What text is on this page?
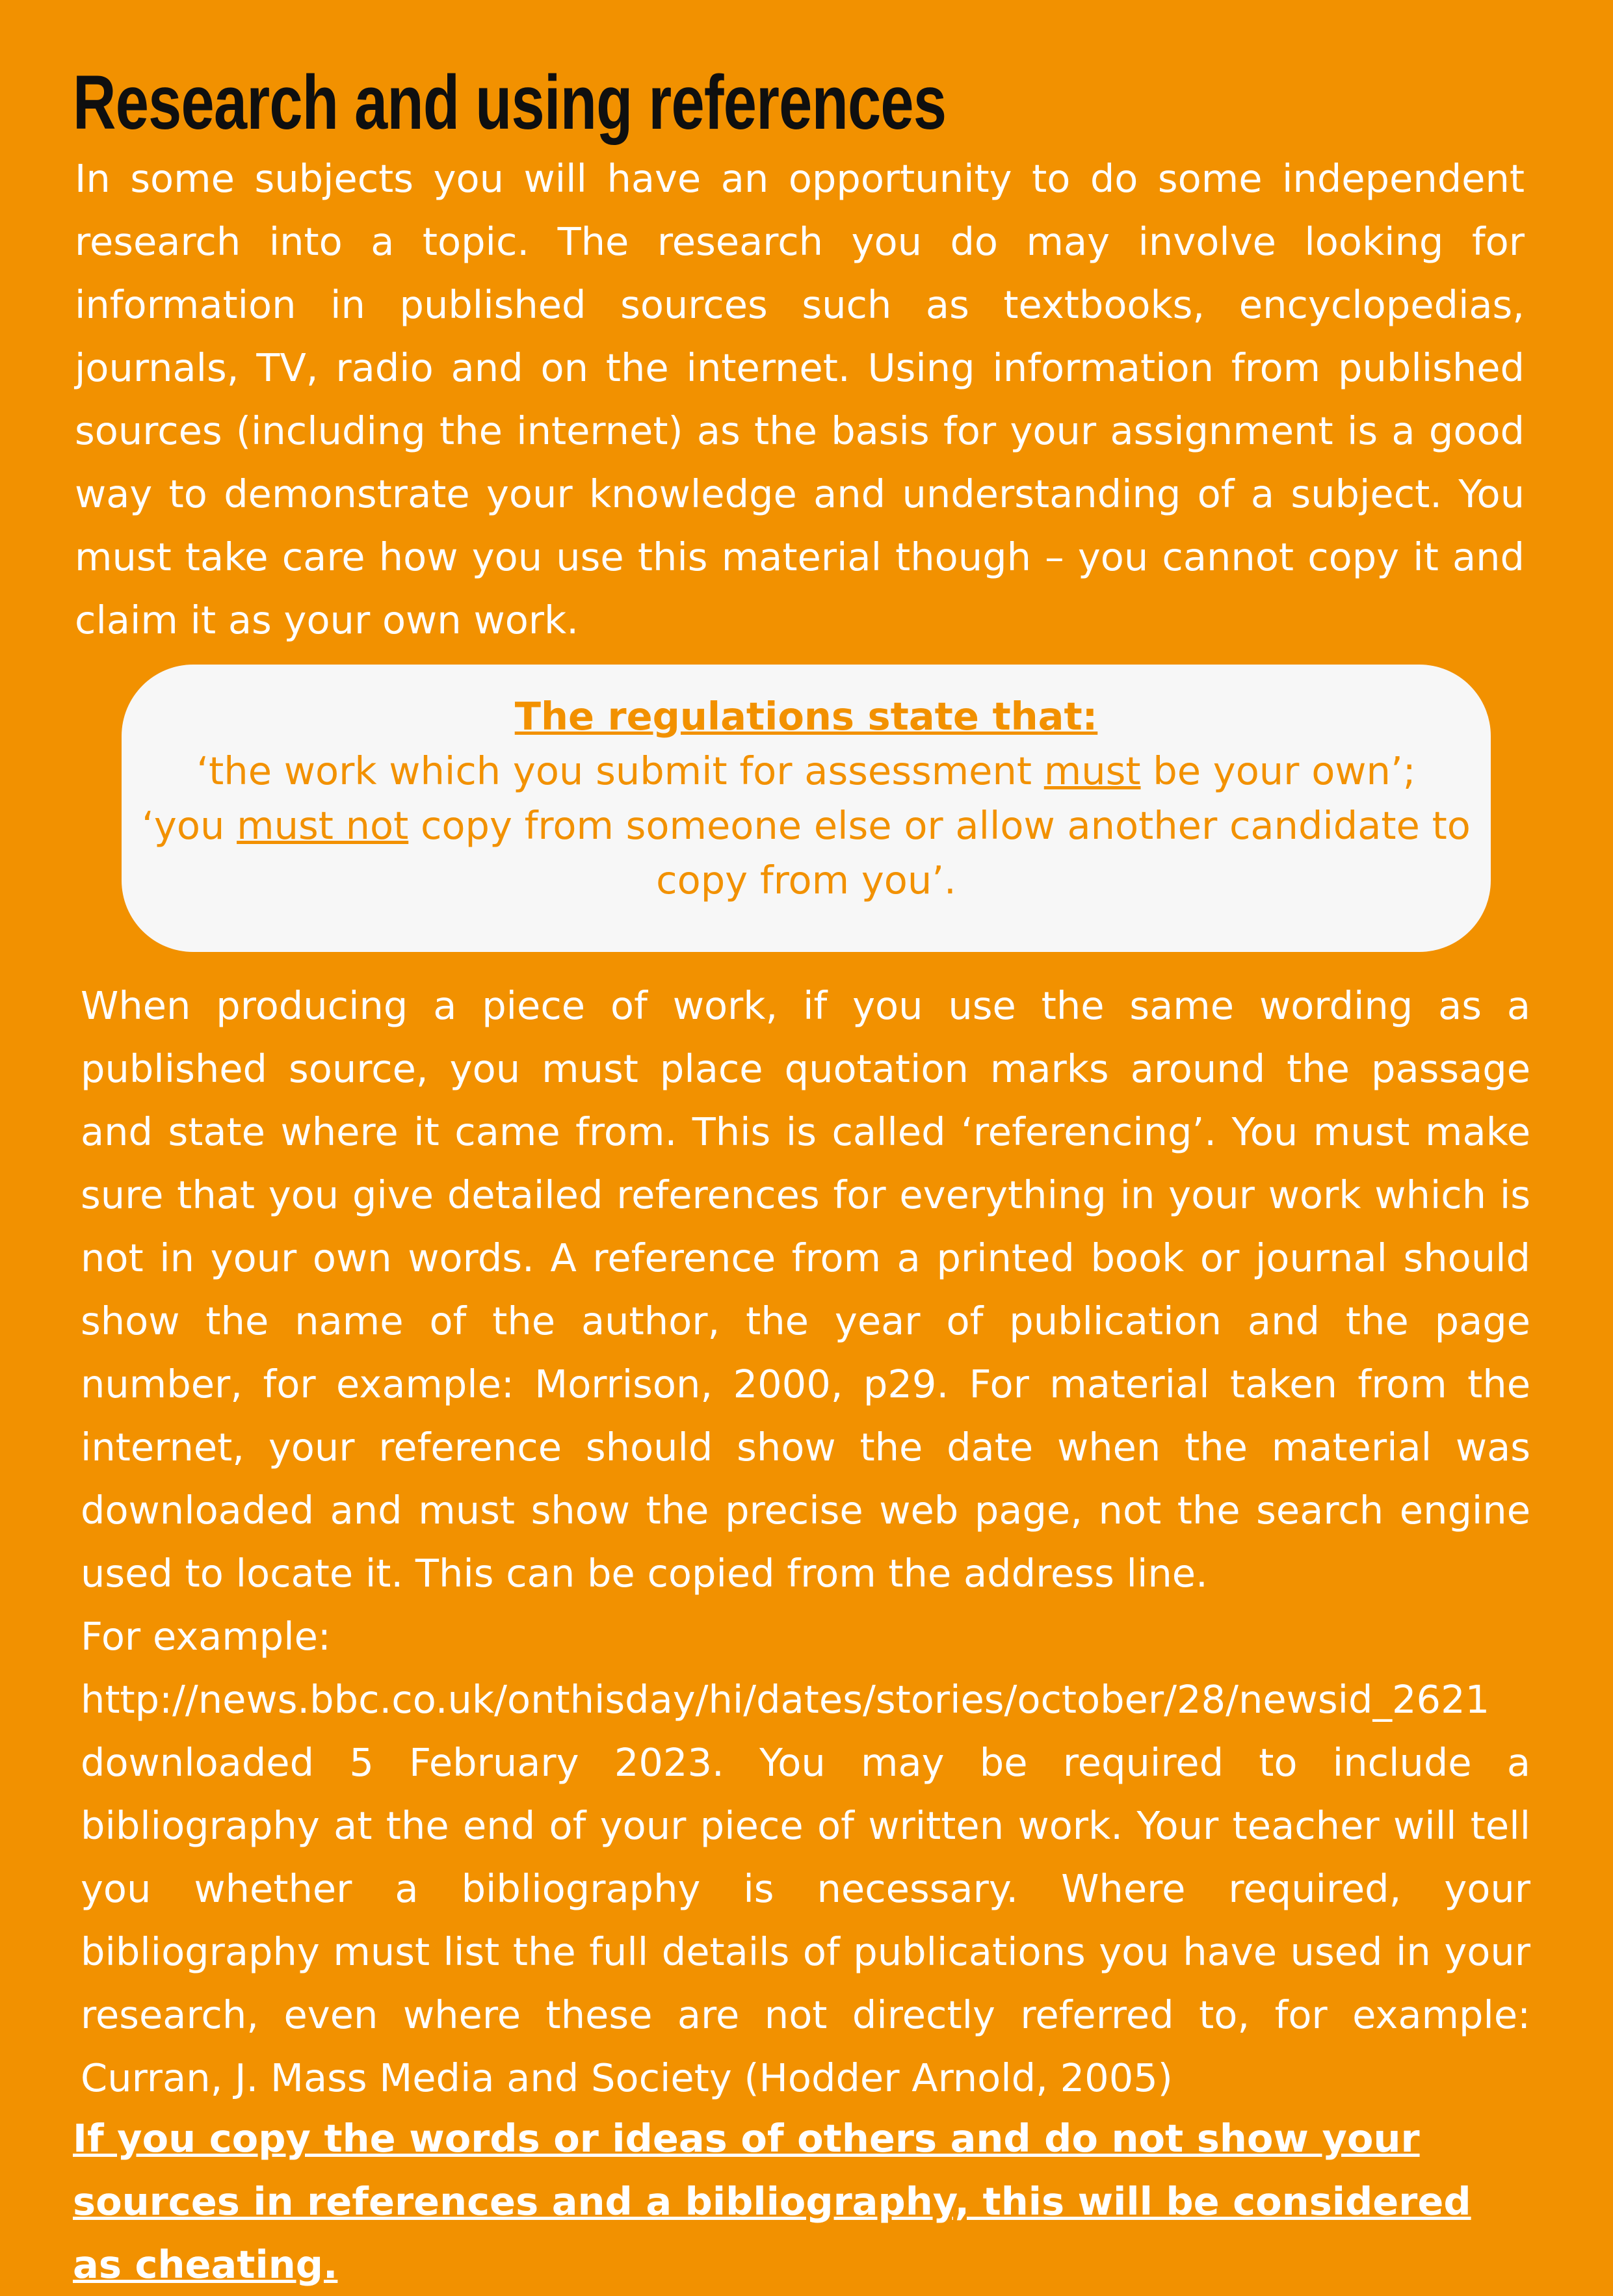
Research and using references

In some subjects you will have an opportunity to do some independent research into a topic. The research you do may involve looking for information in published sources such as textbooks, encyclopedias, journals, TV, radio and on the internet. Using information from published sources (including the internet) as the basis for your assignment is a good way to demonstrate your knowledge and understanding of a subject. You must take care how you use this material though – you cannot copy it and claim it as your own work.

The regulations state that:

‘the work which you submit for assessment must be your own’;

‘you must not copy from someone else or allow another candidate to copy from you’.

When producing a piece of work, if you use the same wording as a published source, you must place quotation marks around the passage and state where it came from. This is called ‘referencing’. You must make sure that you give detailed references for everything in your work which is not in your own words. A reference from a printed book or journal should show the name of the author, the year of publication and the page number, for example: Morrison, 2000, p29. For material taken from the internet, your reference should show the date when the material was downloaded and must show the precise web page, not the search engine used to locate it. This can be copied from the address line.

For example:

http://news.bbc.co.uk/onthisday/hi/dates/stories/october/28/newsid_2621

downloaded 5 February 2023. You may be required to include a bibliography at the end of your piece of written work. Your teacher will tell you whether a bibliography is necessary. Where required, your bibliography must list the full details of publications you have used in your research, even where these are not directly referred to, for example: Curran, J. Mass Media and Society (Hodder Arnold, 2005)

If you copy the words or ideas of others and do not show your sources in references and a bibliography, this will be considered as cheating.
